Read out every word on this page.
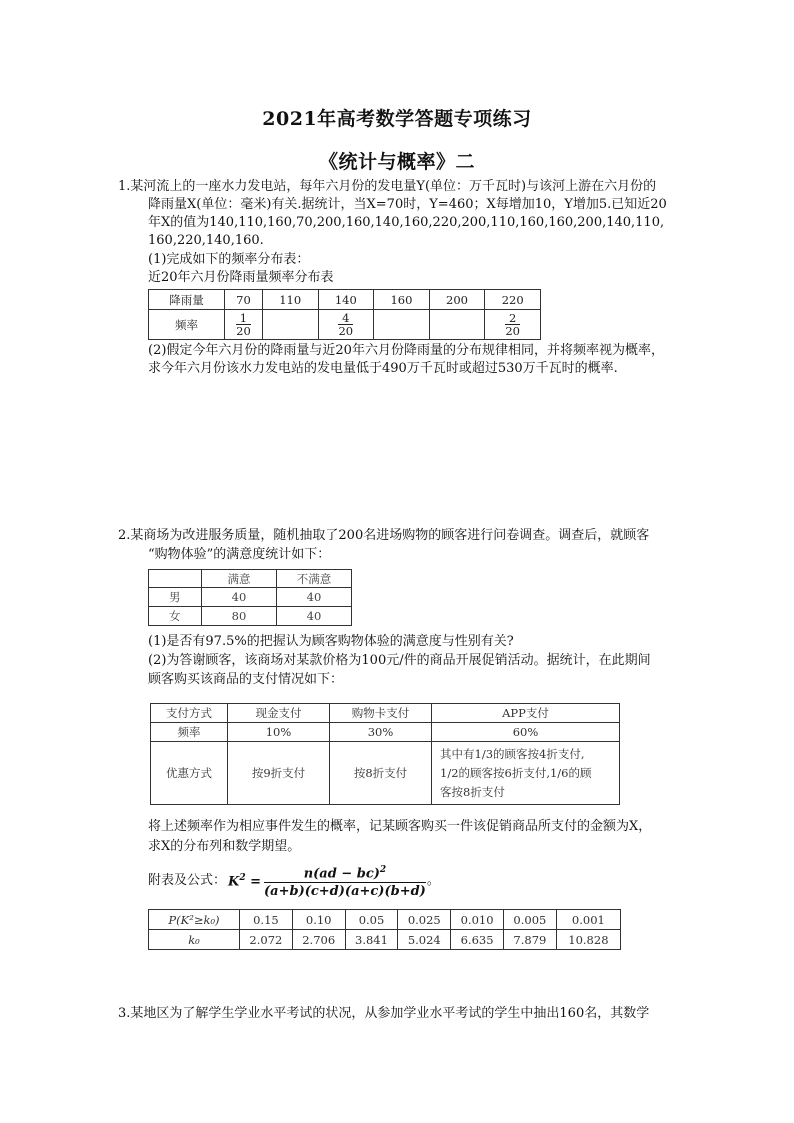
2021年高考数学答题专项练习
《统计与概率》二
1.某河流上的一座水力发电站，每年六月份的发电量Y(单位：万千瓦时)与该河上游在六月份的
降雨量X(单位：毫米)有关.据统计，当X=70时，Y=460；X每增加10，Y增加5.已知近20
年X的值为140,110,160,70,200,160,140,160,220,200,110,160,160,200,140,110,
160,220,140,160.
(1)完成如下的频率分布表：
近20年六月份降雨量频率分布表
降雨量	70	110	140	160	200	220
频率	$\frac{1}{20}$		$\frac{4}{20}$			$\frac{2}{20}$
(2)假定今年六月份的降雨量与近20年六月份降雨量的分布规律相同，并将频率视为概率，
求今年六月份该水力发电站的发电量低于490万千瓦时或超过530万千瓦时的概率.
2.某商场为改进服务质量，随机抽取了200名进场购物的顾客进行问卷调查。调查后，就顾客
“购物体验”的满意度统计如下：
	满意	不满意
男	40	40
女	80	40
(1)是否有97.5%的把握认为顾客购物体验的满意度与性别有关?
(2)为答谢顾客，该商场对某款价格为100元/件的商品开展促销活动。据统计，在此期间
顾客购买该商品的支付情况如下：
支付方式	现金支付	购物卡支付	APP支付
频率	10%	30%	60%
优惠方式	按9折支付	按8折支付	其中有1/3的顾客按4折支付,
1/2的顾客按6折支付,1/6的顾
客按8折支付
将上述频率作为相应事件发生的概率，记某顾客购买一件该促销商品所支付的金额为X，
求X的分布列和数学期望。
附表及公式： $K^2 = \frac{n(ad - bc)^2}{(a+b)(c+d)(a+c)(b+d)}$ 。
P(K²≥k₀)	0.15	0.10	0.05	0.025	0.010	0.005	0.001
k₀	2.072	2.706	3.841	5.024	6.635	7.879	10.828
3.某地区为了解学生学业水平考试的状况，从参加学业水平考试的学生中抽出160名，其数学
